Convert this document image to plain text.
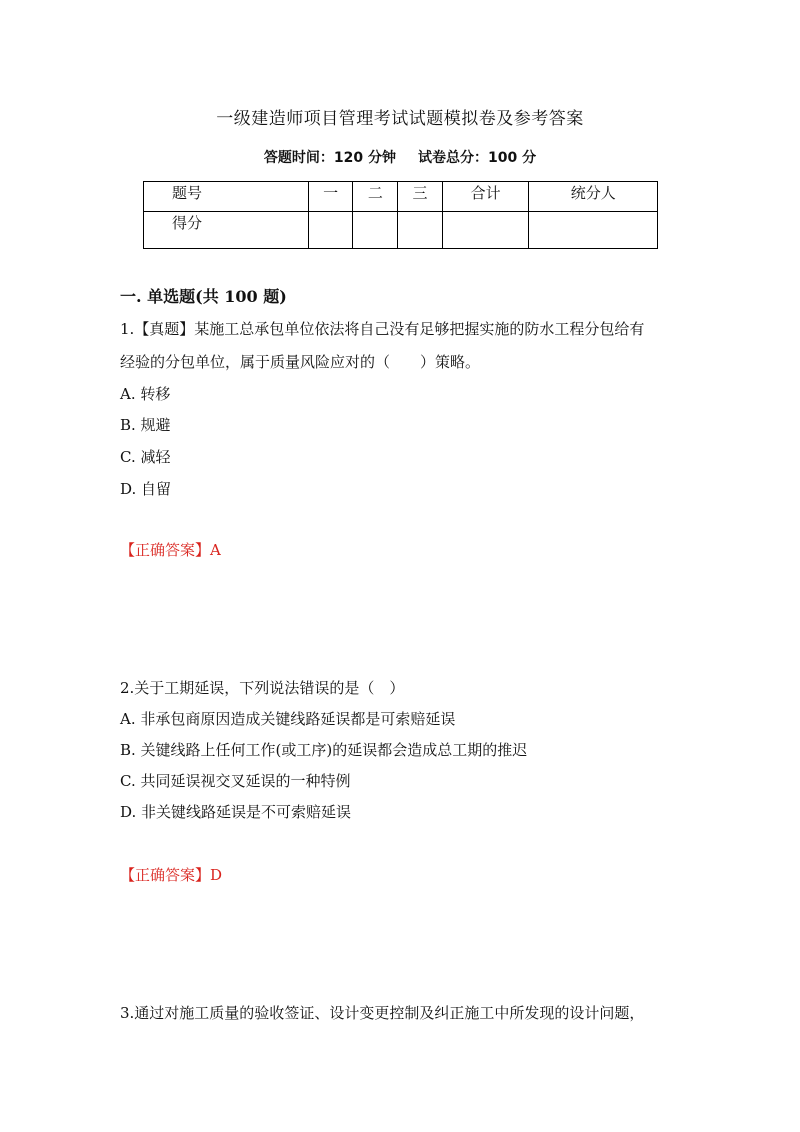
一级建造师项目管理考试试题模拟卷及参考答案
答题时间：120 分钟 试卷总分：100 分
题号	一	二	三	合计	统分人
得分					
一. 单选题(共 100 题)
1.【真题】某施工总承包单位依法将自己没有足够把握实施的防水工程分包给有
经验的分包单位，属于质量风险应对的（　　）策略。
A. 转移
B. 规避
C. 减轻
D. 自留
【正确答案】A
2.关于工期延误，下列说法错误的是（　）
A. 非承包商原因造成关键线路延误都是可索赔延误
B. 关键线路上任何工作(或工序)的延误都会造成总工期的推迟
C. 共同延误视交叉延误的一种特例
D. 非关键线路延误是不可索赔延误
【正确答案】D
3.通过对施工质量的验收签证、设计变更控制及纠正施工中所发现的设计问题，
